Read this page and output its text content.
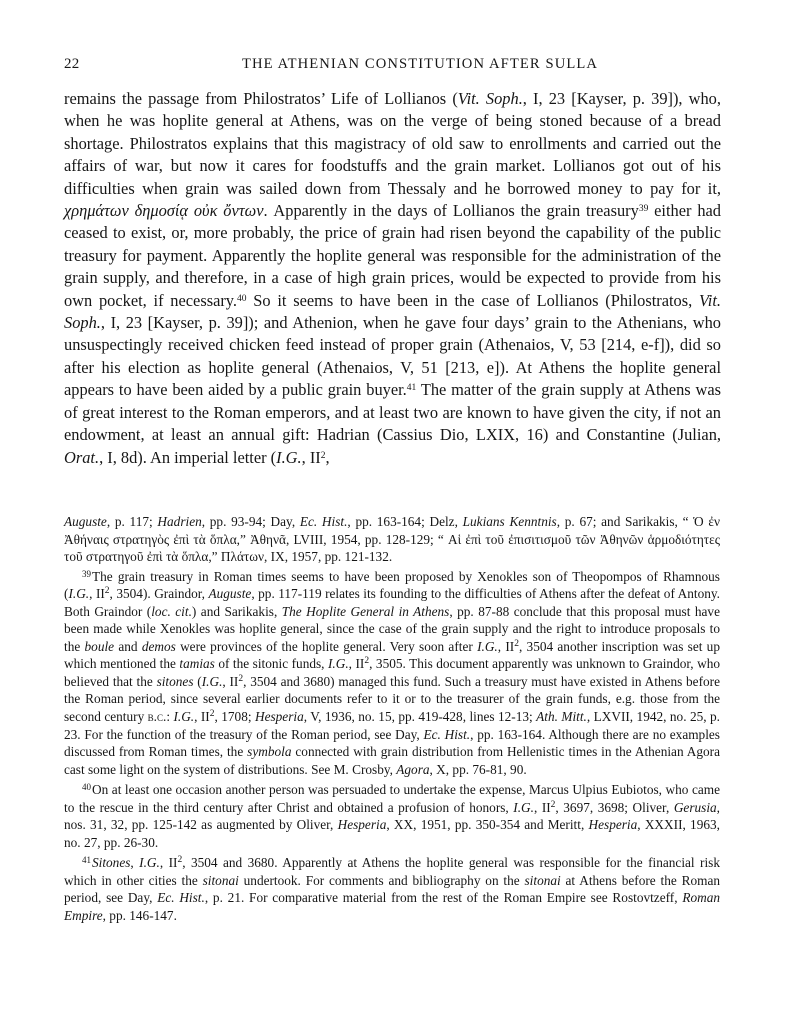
22	THE ATHENIAN CONSTITUTION AFTER SULLA

remains the passage from Philostratos’ Life of Lollianos (Vit. Soph., I, 23 [Kayser, p. 39]), who, when he was hoplite general at Athens, was on the verge of being stoned because of a bread shortage. Philostratos explains that this magistracy of old saw to enrollments and carried out the affairs of war, but now it cares for foodstuffs and the grain market. Lollianos got out of his difficulties when grain was sailed down from Thessaly and he borrowed money to pay for it, χρημάτων δημοσίᾳ οὐκ ὄντων. Apparently in the days of Lollianos the grain treasury$^{39}$ either had ceased to exist, or, more probably, the price of grain had risen beyond the capability of the public treasury for payment. Apparently the hoplite general was responsible for the administration of the grain supply, and therefore, in a case of high grain prices, would be expected to provide from his own pocket, if necessary.$^{40}$ So it seems to have been in the case of Lollianos (Philostratos, Vit. Soph., I, 23 [Kayser, p. 39]); and Athenion, when he gave four days’ grain to the Athenians, who unsuspectingly received chicken feed instead of proper grain (Athenaios, V, 53 [214, e-f]), did so after his election as hoplite general (Athenaios, V, 51 [213, e]). At Athens the hoplite general appears to have been aided by a public grain buyer.$^{41}$ The matter of the grain supply at Athens was of great interest to the Roman emperors, and at least two are known to have given the city, if not an endowment, at least an annual gift: Hadrian (Cassius Dio, LXIX, 16) and Constantine (Julian, Orat., I, 8d). An imperial letter (I.G., $II^2$,

Auguste, p. 117; Hadrien, pp. 93-94; Day, Ec. Hist., pp. 163-164; Delz, Lukians Kenntnis, p. 67; and Sarikakis, “ Ὁ ἐν Ἀθήναις στρατηγὸς ἐπὶ τὰ ὅπλα,” Ἀθηνᾶ, LVIII, 1954, pp. 128-129; “ Αἱ ἐπὶ τοῦ ἐπισιτισμοῦ τῶν Ἀθηνῶν ἁρμοδιότητες τοῦ στρατηγοῦ ἐπὶ τὰ ὅπλα,” Πλάτων, IX, 1957, pp. 121-132.

$^{39}$The grain treasury in Roman times seems to have been proposed by Xenokles son of Theopompos of Rhamnous (I.G., $II^2$, 3504). Graindor, Auguste, pp. 117-119 relates its founding to the difficulties of Athens after the defeat of Antony. Both Graindor (loc. cit.) and Sarikakis, The Hoplite General in Athens, pp. 87-88 conclude that this proposal must have been made while Xenokles was hoplite general, since the case of the grain supply and the right to introduce proposals to the boule and demos were provinces of the hoplite general. Very soon after I.G., $II^2$, 3504 another inscription was set up which mentioned the tamias of the sitonic funds, I.G., $II^2$, 3505. This document apparently was unknown to Graindor, who believed that the sitones (I.G., $II^2$, 3504 and 3680) managed this fund. Such a treasury must have existed in Athens before the Roman period, since several earlier documents refer to it or to the treasurer of the grain funds, e.g. those from the second century b.c.: I.G., $II^2$, 1708; Hesperia, V, 1936, no. 15, pp. 419-428, lines 12-13; Ath. Mitt., LXVII, 1942, no. 25, p. 23. For the function of the treasury of the Roman period, see Day, Ec. Hist., pp. 163-164. Although there are no examples discussed from Roman times, the symbola connected with grain distribution from Hellenistic times in the Athenian Agora cast some light on the system of distributions. See M. Crosby, Agora, X, pp. 76-81, 90.

$^{40}$On at least one occasion another person was persuaded to undertake the expense, Marcus Ulpius Eubiotos, who came to the rescue in the third century after Christ and obtained a profusion of honors, I.G., $II^2$, 3697, 3698; Oliver, Gerusia, nos. 31, 32, pp. 125-142 as augmented by Oliver, Hesperia, XX, 1951, pp. 350-354 and Meritt, Hesperia, XXXII, 1963, no. 27, pp. 26-30.

$^{41}$Sitones, I.G., $II^2$, 3504 and 3680. Apparently at Athens the hoplite general was responsible for the financial risk which in other cities the sitonai undertook. For comments and bibliography on the sitonai at Athens before the Roman period, see Day, Ec. Hist., p. 21. For comparative material from the rest of the Roman Empire see Rostovtzeff, Roman Empire, pp. 146-147.
